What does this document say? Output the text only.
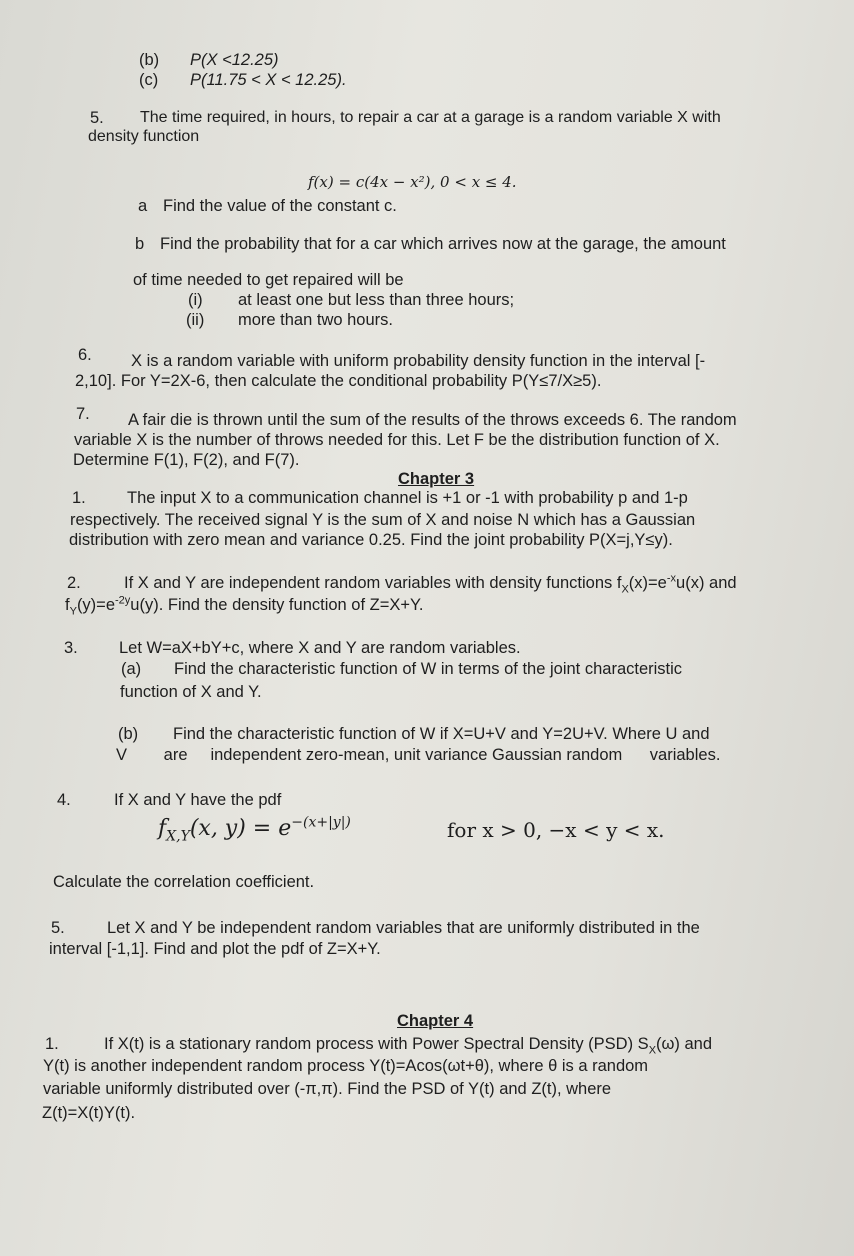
(b) P(X <12.25)
(c) P(11.75 < X < 12.25).
5. The time required, in hours, to repair a car at a garage is a random variable X with
density function
f(x) = c(4x − x²), 0 < x ≤ 4.
a Find the value of the constant c.
b Find the probability that for a car which arrives now at the garage, the amount
of time needed to get repaired will be
(i) at least one but less than three hours;
(ii) more than two hours.
6. X is a random variable with uniform probability density function in the interval [-
2,10]. For Y=2X-6, then calculate the conditional probability P(Y≤7/X≥5).
7. A fair die is thrown until the sum of the results of the throws exceeds 6. The random
variable X is the number of throws needed for this. Let F be the distribution function of X.
Determine F(1), F(2), and F(7).
Chapter 3
1. The input X to a communication channel is +1 or -1 with probability p and 1-p
respectively. The received signal Y is the sum of X and noise N which has a Gaussian
distribution with zero mean and variance 0.25. Find the joint probability P(X=j,Y≤y).
2.	If X and Y are independent random variables with density functions $f_X(x)=e^{-x}u(x)$ and
$f_Y(y)=e^{-2y}u(y)$. Find the density function of Z=X+Y.
3. Let W=aX+bY+c, where X and Y are random variables.
(a) Find the characteristic function of W in terms of the joint characteristic
function of X and Y.
(b) Find the characteristic function of W if X=U+V and Y=2U+V. Where U and
V        are     independent zero-mean, unit variance Gaussian random      variables.
4.	If X and Y have the pdf
$f_{X,Y}(x$, $y) = e^{-(x+|y|)}$	for x > 0, −x < y < x.
Calculate the correlation coefficient.
5.	Let X and Y be independent random variables that are uniformly distributed in the
interval [-1,1]. Find and plot the pdf of Z=X+Y.
Chapter 4
1.	If X(t) is a stationary random process with Power Spectral Density (PSD) $S_X(\omega)$ and
Y(t) is another independent random process Y(t)=Acos(ωt+θ), where θ is a random
variable uniformly distributed over (-π,π). Find the PSD of Y(t) and Z(t), where
Z(t)=X(t)Y(t).
